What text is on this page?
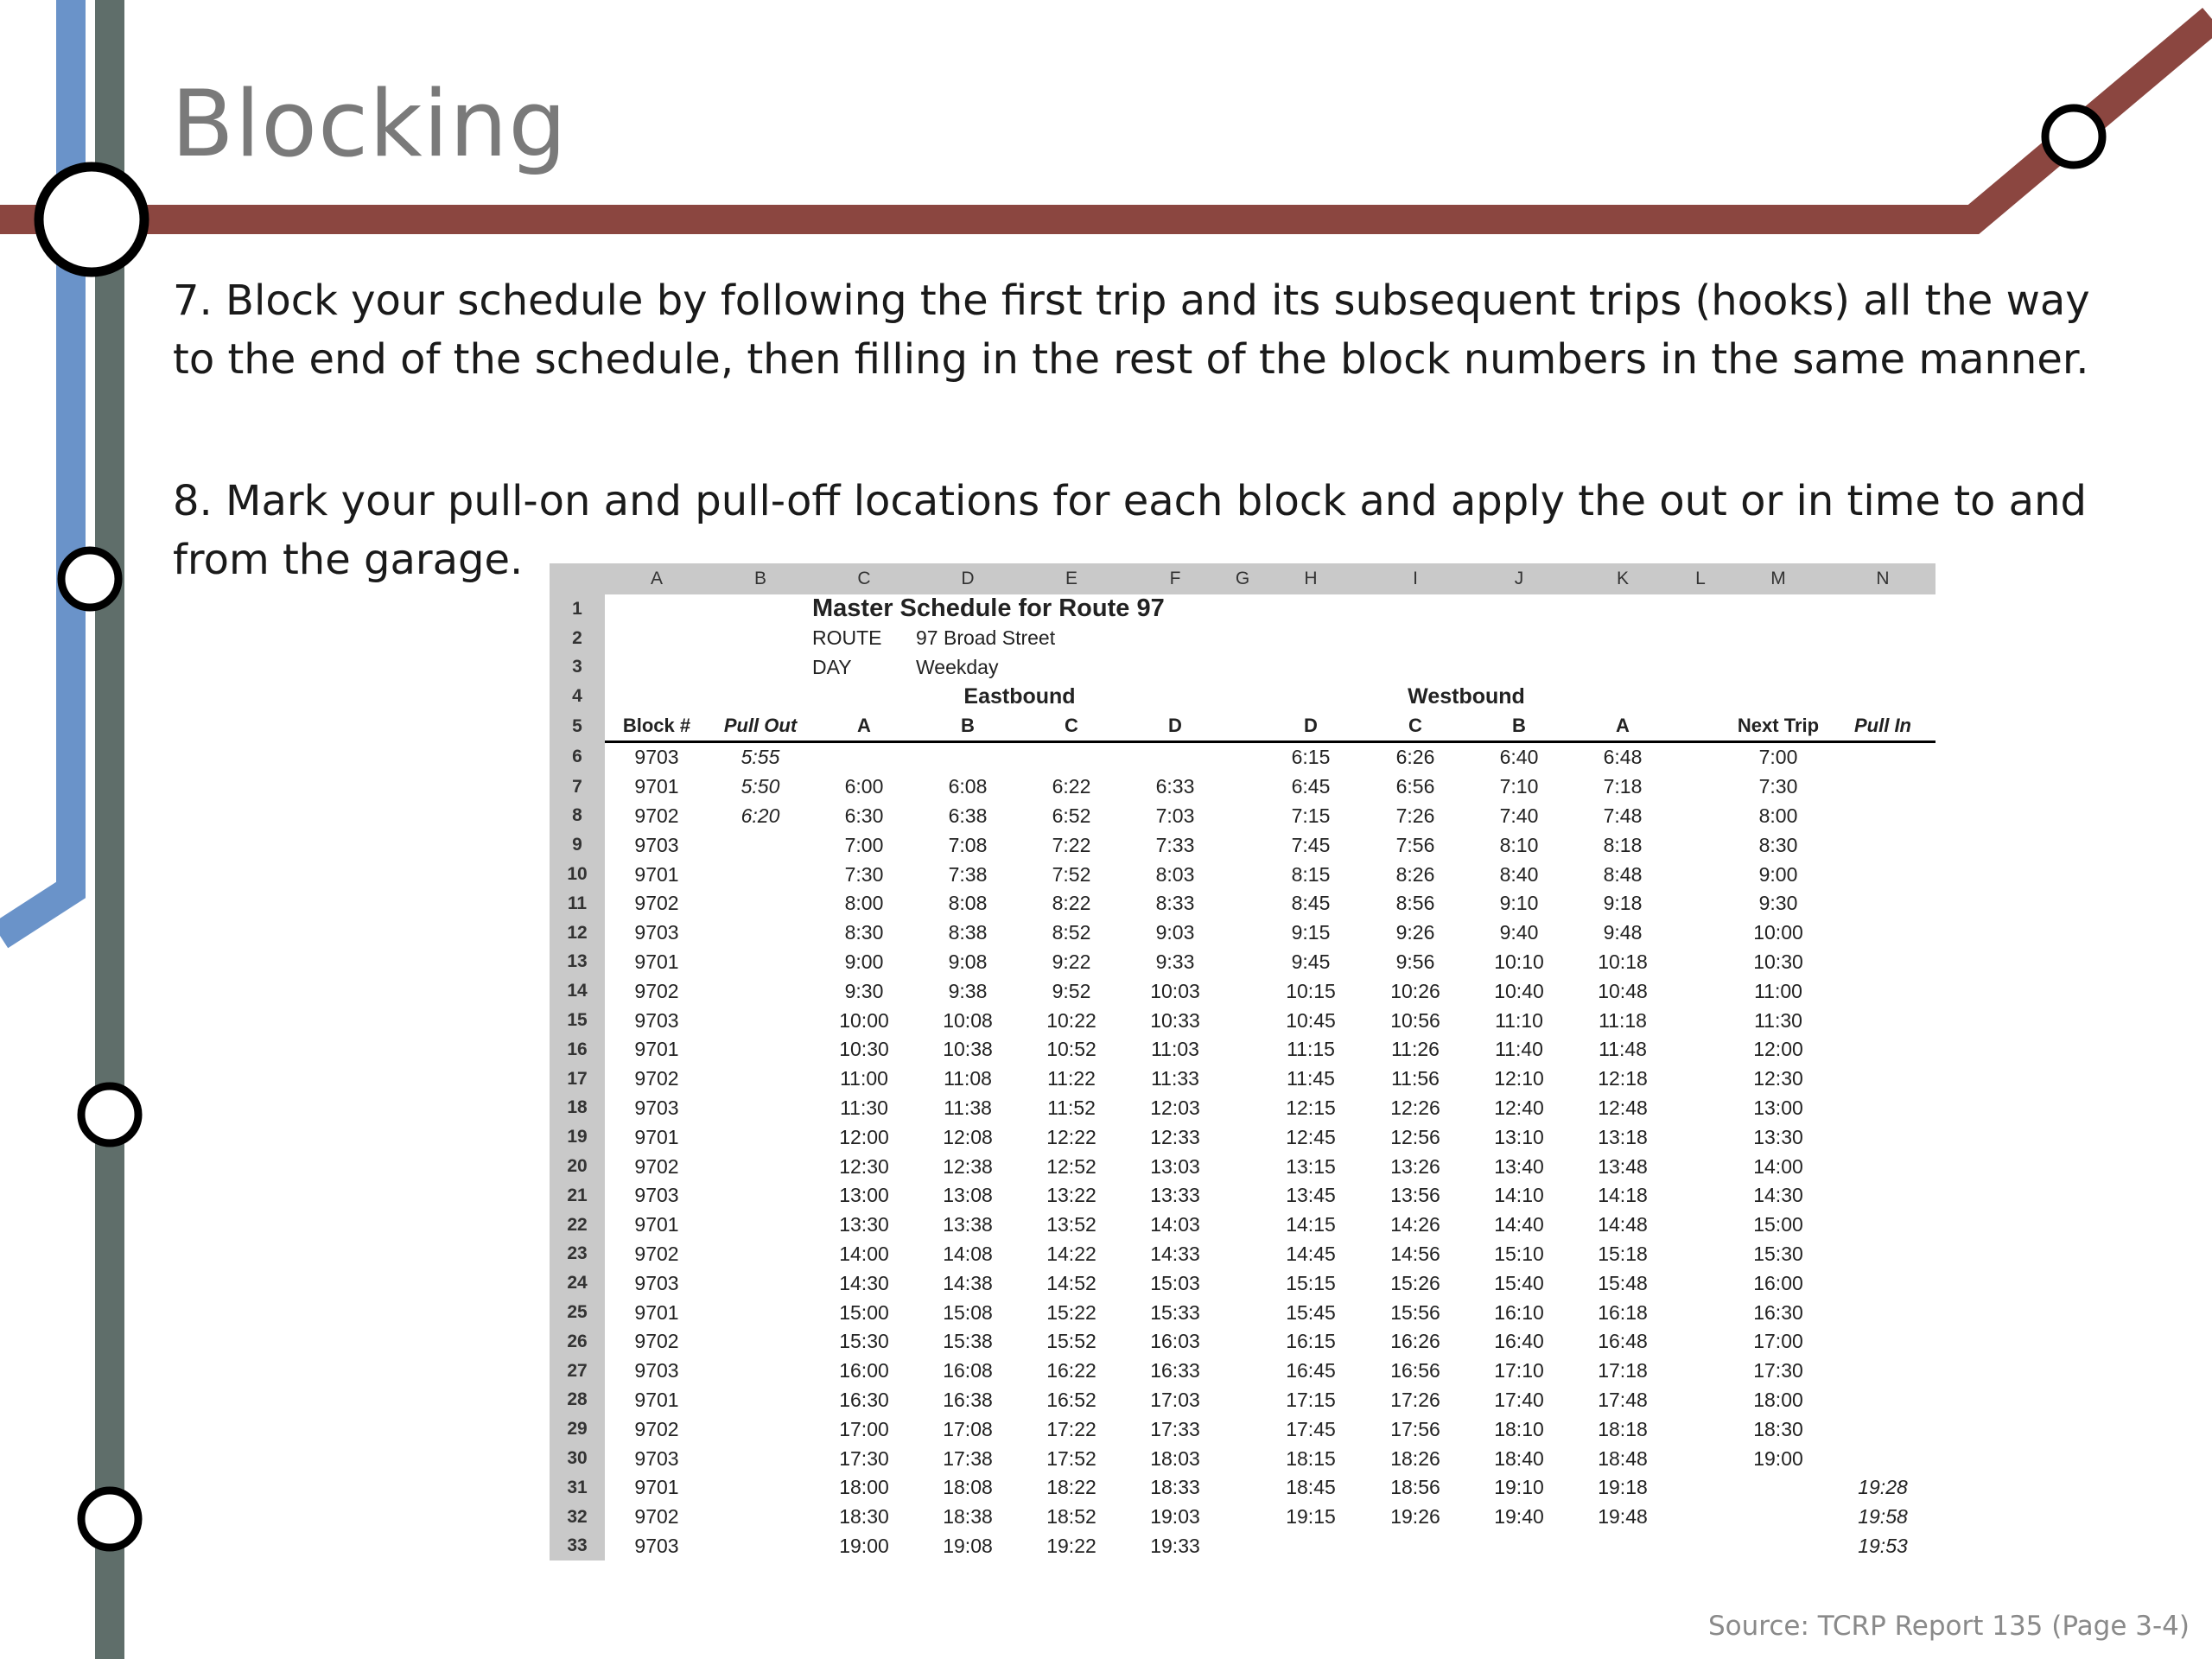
Blocking
7. Block your schedule by following the first trip and its subsequent trips (hooks) all the way to the end of the schedule, then filling in the rest of the block numbers in the same manner.
8. Mark your pull-on and pull-off locations for each block and apply the out or in time to and from the garage.
		A	B	C	D	E	F	G	H	I	J	K	L	M	N
1			Master Schedule for Route 97											
2			ROUTE	97 Broad Street										
3			DAY	Weekday										
4			Eastbound					Westbound						
5	Block #	Pull Out	A	B	C	D		D	C	B	A		Next Trip	Pull In
6	9703	5:55						6:15	6:26	6:40	6:48		7:00	
7	9701	5:50	6:00	6:08	6:22	6:33		6:45	6:56	7:10	7:18		7:30	
8	9702	6:20	6:30	6:38	6:52	7:03		7:15	7:26	7:40	7:48		8:00	
9	9703		7:00	7:08	7:22	7:33		7:45	7:56	8:10	8:18		8:30	
10	9701		7:30	7:38	7:52	8:03		8:15	8:26	8:40	8:48		9:00	
11	9702		8:00	8:08	8:22	8:33		8:45	8:56	9:10	9:18		9:30	
12	9703		8:30	8:38	8:52	9:03		9:15	9:26	9:40	9:48		10:00	
13	9701		9:00	9:08	9:22	9:33		9:45	9:56	10:10	10:18		10:30	
14	9702		9:30	9:38	9:52	10:03		10:15	10:26	10:40	10:48		11:00	
15	9703		10:00	10:08	10:22	10:33		10:45	10:56	11:10	11:18		11:30	
16	9701		10:30	10:38	10:52	11:03		11:15	11:26	11:40	11:48		12:00	
17	9702		11:00	11:08	11:22	11:33		11:45	11:56	12:10	12:18		12:30	
18	9703		11:30	11:38	11:52	12:03		12:15	12:26	12:40	12:48		13:00	
19	9701		12:00	12:08	12:22	12:33		12:45	12:56	13:10	13:18		13:30	
20	9702		12:30	12:38	12:52	13:03		13:15	13:26	13:40	13:48		14:00	
21	9703		13:00	13:08	13:22	13:33		13:45	13:56	14:10	14:18		14:30	
22	9701		13:30	13:38	13:52	14:03		14:15	14:26	14:40	14:48		15:00	
23	9702		14:00	14:08	14:22	14:33		14:45	14:56	15:10	15:18		15:30	
24	9703		14:30	14:38	14:52	15:03		15:15	15:26	15:40	15:48		16:00	
25	9701		15:00	15:08	15:22	15:33		15:45	15:56	16:10	16:18		16:30	
26	9702		15:30	15:38	15:52	16:03		16:15	16:26	16:40	16:48		17:00	
27	9703		16:00	16:08	16:22	16:33		16:45	16:56	17:10	17:18		17:30	
28	9701		16:30	16:38	16:52	17:03		17:15	17:26	17:40	17:48		18:00	
29	9702		17:00	17:08	17:22	17:33		17:45	17:56	18:10	18:18		18:30	
30	9703		17:30	17:38	17:52	18:03		18:15	18:26	18:40	18:48		19:00	
31	9701		18:00	18:08	18:22	18:33		18:45	18:56	19:10	19:18			19:28
32	9702		18:30	18:38	18:52	19:03		19:15	19:26	19:40	19:48			19:58
33	9703		19:00	19:08	19:22	19:33								19:53
Source: TCRP Report 135 (Page 3-4)
